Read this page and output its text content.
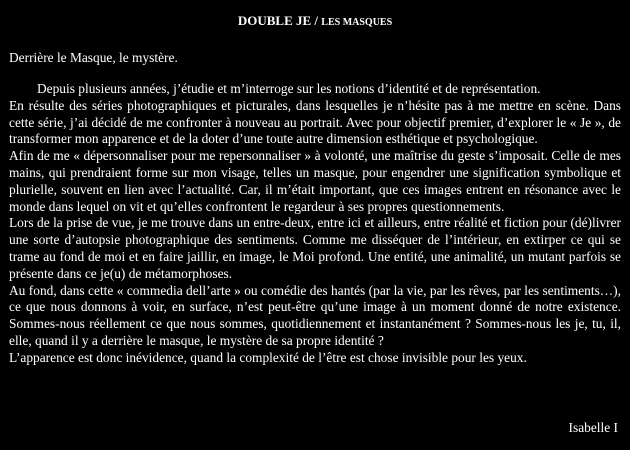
DOUBLE JE / LES MASQUES
Derrière le Masque, le mystère.

Depuis plusieurs années, j’étudie et m’interroge sur les notions d’identité et de représentation.

En résulte des séries photographiques et picturales, dans lesquelles je n’hésite pas à me mettre en scène. Dans cette série, j’ai décidé de me confronter à nouveau au portrait. Avec pour objectif premier, d’explorer le « Je », de transformer mon apparence et de la doter d’une toute autre dimension esthétique et psychologique.

Afin de me « dépersonnaliser pour me repersonnaliser » à volonté, une maîtrise du geste s’imposait. Celle de mes mains, qui prendraient forme sur mon visage, telles un masque, pour engendrer une signification symbolique et plurielle, souvent en lien avec l’actualité. Car, il m’était important, que ces images entrent en résonance avec le monde dans lequel on vit et qu’elles confrontent le regardeur à ses propres questionnements.

Lors de la prise de vue, je me trouve dans un entre-deux, entre ici et ailleurs, entre réalité et fiction pour (dé)livrer une sorte d’autopsie photographique des sentiments. Comme me disséquer de l’intérieur, en extirper ce qui se trame au fond de moi et en faire jaillir, en image, le Moi profond. Une entité, une animalité, un mutant parfois se présente dans ce je(u) de métamorphoses.

Au fond, dans cette « commedia dell’arte » ou comédie des hantés (par la vie, par les rêves, par les sentiments…), ce que nous donnons à voir, en surface, n’est peut-être qu’une image à un moment donné de notre existence. Sommes-nous réellement ce que nous sommes, quotidiennement et instantanément ? Sommes-nous les je, tu, il, elle, quand il y a derrière le masque, le mystère de sa propre identité ?

L’apparence est donc inévidence, quand la complexité de l’être est chose invisible pour les yeux.

Isabelle I
